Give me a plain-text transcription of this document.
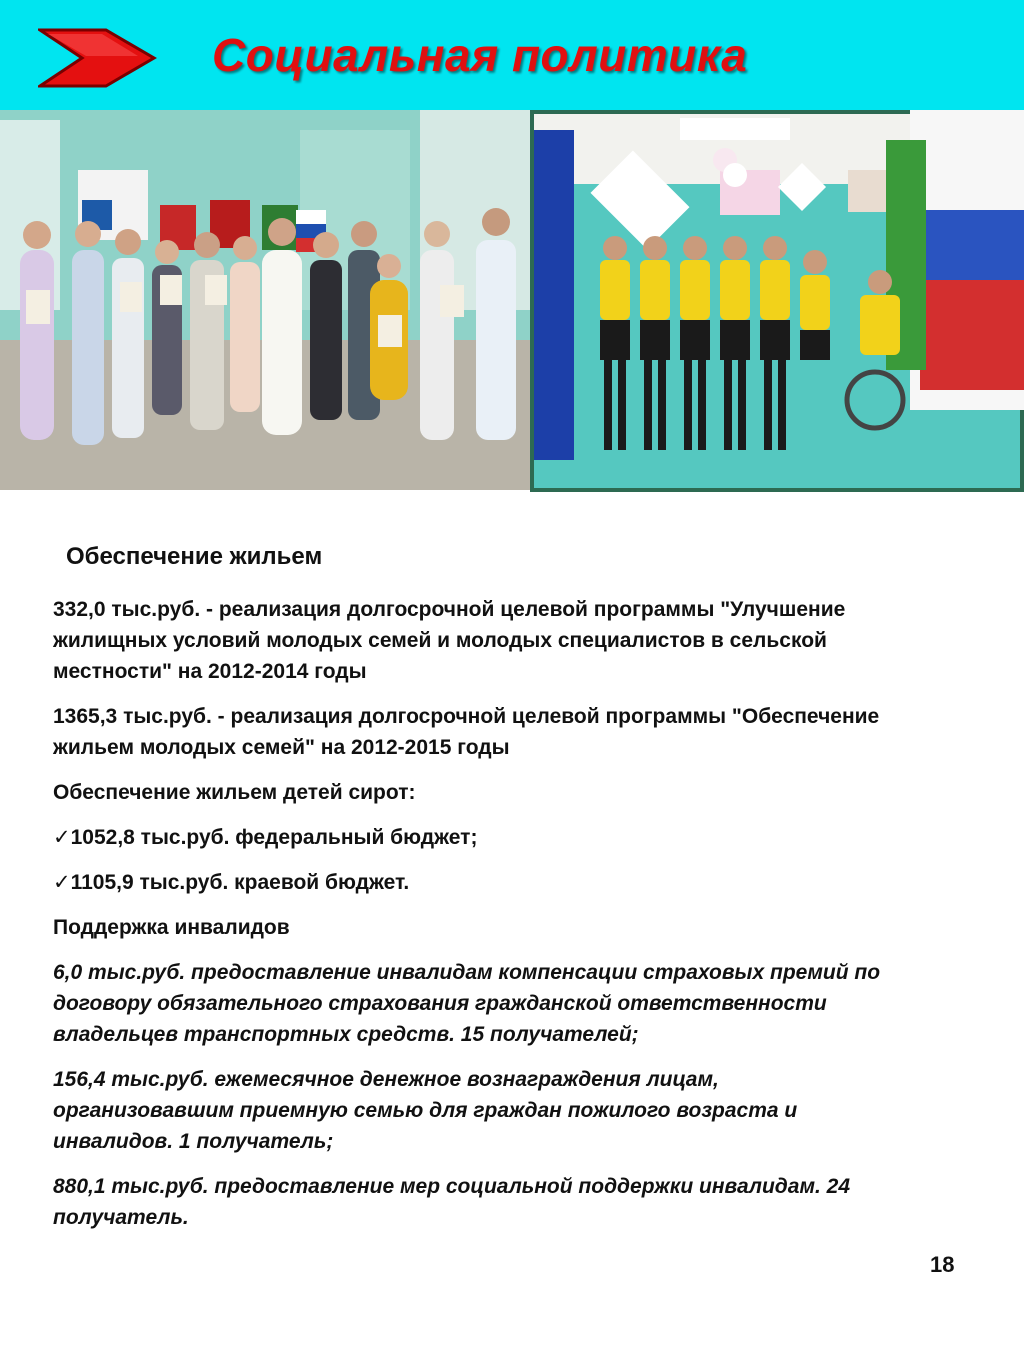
Социальная политика
Обеспечение жильем

332,0 тыс.руб. - реализация долгосрочной целевой программы "Улучшение жилищных условий молодых семей и молодых специалистов в сельской местности" на 2012-2014 годы

1365,3 тыс.руб. - реализация долгосрочной целевой программы "Обеспечение жильем молодых семей" на 2012-2015 годы

Обеспечение жильем детей сирот:

✓1052,8 тыс.руб. федеральный бюджет;

✓1105,9 тыс.руб. краевой бюджет.

Поддержка инвалидов

6,0 тыс.руб. предоставление инвалидам компенсации страховых премий по договору обязательного страхования гражданской ответственности владельцев транспортных средств. 15 получателей;

156,4 тыс.руб. ежемесячное денежное вознаграждения лицам, организовавшим приемную семью для граждан пожилого возраста и инвалидов. 1 получатель;

880,1 тыс.руб. предоставление мер социальной поддержки инвалидам. 24 получатель.

18
